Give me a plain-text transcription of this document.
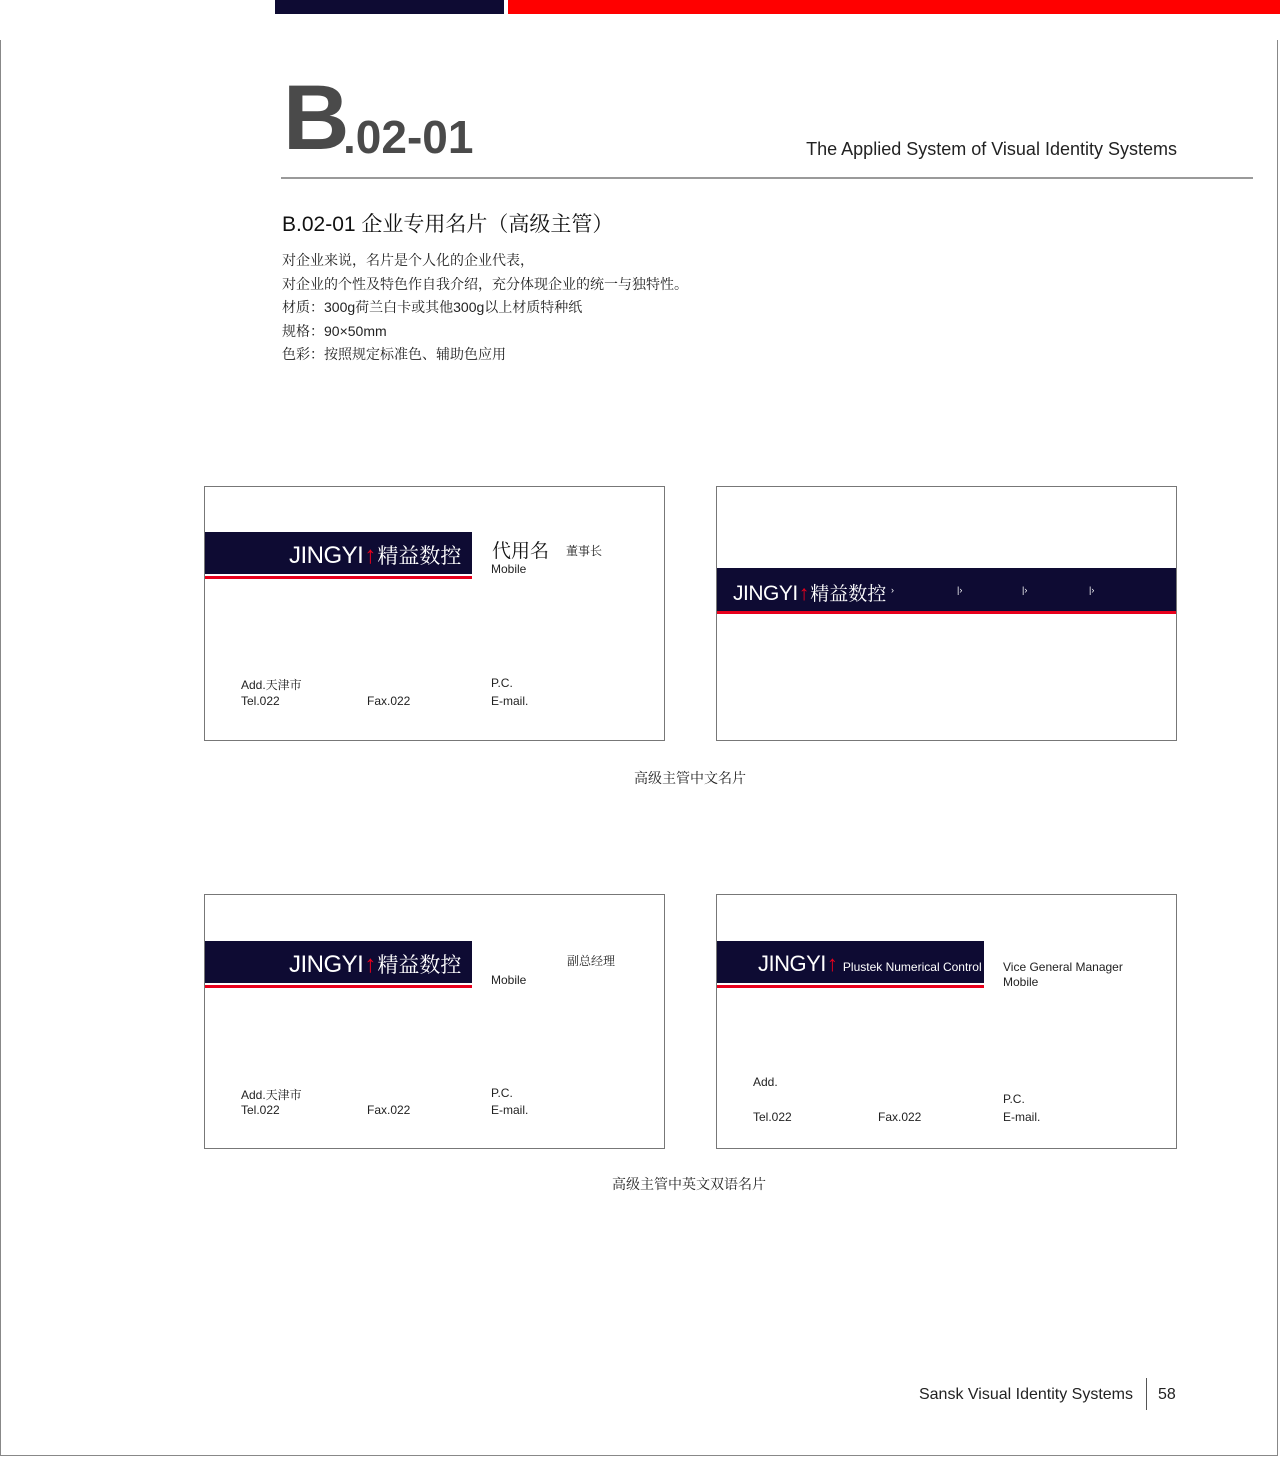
B
.02-01	The Applied System of Visual Identity Systems
B.02-01 企业专用名片（高级主管）
对企业来说，名片是个人化的企业代表，
对企业的个性及特色作自我介绍，充分体现企业的统一与独特性。
材质：300g荷兰白卡或其他300g以上材质特种纸
规格：90×50mm
色彩：按照规定标准色、辅助色应用
JINGYI ↑ 精益数控 代用名 董事长
Mobile
Add.天津市
Tel.022	Fax.022
P.C.
E-mail.
JINGYI ↑ 精益数控 ›	|›	|›	|›
高级主管中文名片
JINGYI ↑ 精益数控	副总经理
Mobile
Add.天津市
Tel.022	Fax.022
P.C.
E-mail.
JINGYI ↑ Plustek Numerical Control Vice General Manager
Mobile
Add.
Tel.022	Fax.022
P.C.
E-mail.
高级主管中英文双语名片
Sansk Visual Identity Systems 58
